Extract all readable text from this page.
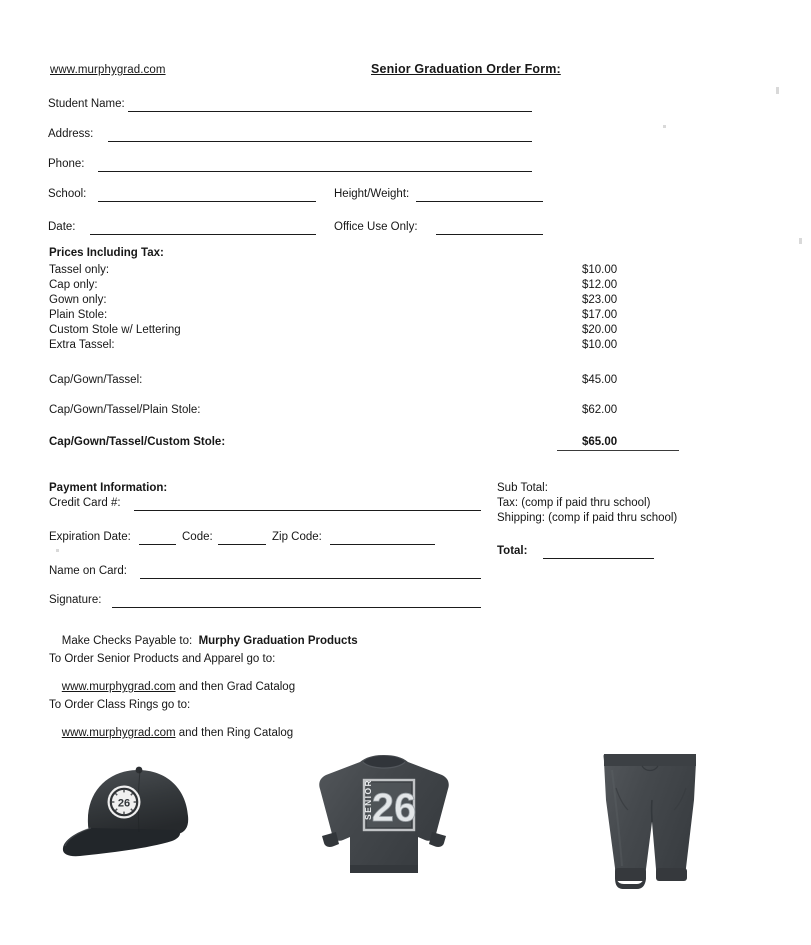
www.murphygrad.com	Senior Graduation Order Form:
Student Name:
Address:
Phone:
School:	Height/Weight:
Date:	Office Use Only:
Prices Including Tax:
Tassel only:	$10.00
Cap only:	$12.00
Gown only:	$23.00
Plain Stole:	$17.00
Custom Stole w/ Lettering	$20.00
Extra Tassel:	$10.00
Cap/Gown/Tassel:	$45.00
Cap/Gown/Tassel/Plain Stole:	$62.00
Cap/Gown/Tassel/Custom Stole:	$65.00
Payment Information:
Credit Card #:
Expiration Date:	Code:	Zip Code:
Name on Card:
Signature:
Sub Total:
Tax: (comp if paid thru school)
Shipping: (comp if paid thru school)
Total:

Make Checks Payable to: Murphy Graduation Products

To Order Senior Products and Apparel go to:

www.murphygrad.com and then Grad Catalog

To Order Class Rings go to:

www.murphygrad.com and then Ring Catalog

26	SENIOR
26
